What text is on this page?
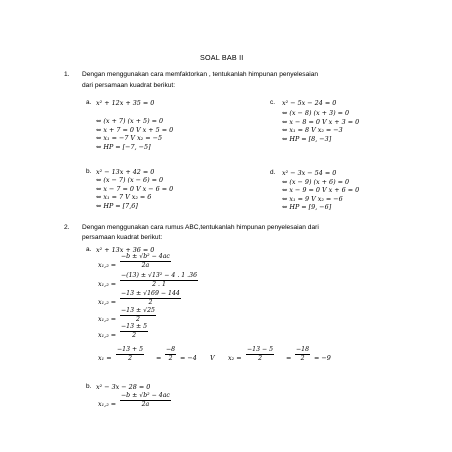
SOAL BAB II
1. Dengan menggunakan cara memfaktorkan , tentukanlah himpunan penyelesaian
dari persamaan kuadrat berikut:
a. x² + 12x + 35 = 0
⇔ (x + 7) (x + 5) = 0
⇔ x + 7 = 0 V x + 5 = 0
⇔ x₁ = −7 V x₂ = −5
⇔ HP = [−7, −5]
c. x² − 5x − 24 = 0
⇔ (x − 8) (x + 3) = 0
⇔ x − 8 = 0 V x + 3 = 0
⇔ x₁ = 8 V x₂ = −3
⇔ HP = [8, −3]
b. x² − 13x + 42 = 0
⇔ (x − 7) (x − 6) = 0
⇔ x − 7 = 0 V x − 6 = 0
⇔ x₁ = 7 V x₂ = 6
⇔ HP = [7,6]
d. x² − 3x − 54 = 0
⇔ (x − 9) (x + 6) = 0
⇔ x − 9 = 0 V x + 6 = 0
⇔ x₁ = 9 V x₂ = −6
⇔ HP = [9, −6]
2. Dengan menggunakan cara rumus ABC,tentukanlah himpunan penyelesaian dari
persamaan kuadrat berikut:
a. x² + 13x + 36 = 0
$x_1,_2 = \frac{\text{−b ± √b² − 4ac}}{2a}$
$x_1,_2 = \frac{\text{−(13) ± √13² − 4 . 1 .36}}{2 . 1}$
$x_1,_2 = \frac{-13 \pm √169 - 144}{2}$
$x_1,_2 = \frac{-13 \pm √25}{2}$
$x_1,_2 = \frac{-13 \pm 5}{2}$
$x_1 = \frac{-13 + 5}{2} = \frac{-8}{2} = -4$ V $x_2 = \frac{-13 - 5}{2} = \frac{-18}{2} = -9$
b. x² − 3x − 28 = 0
$x_1,_2 = \frac{\text{−b ± √b² − 4ac}}{2a}$
